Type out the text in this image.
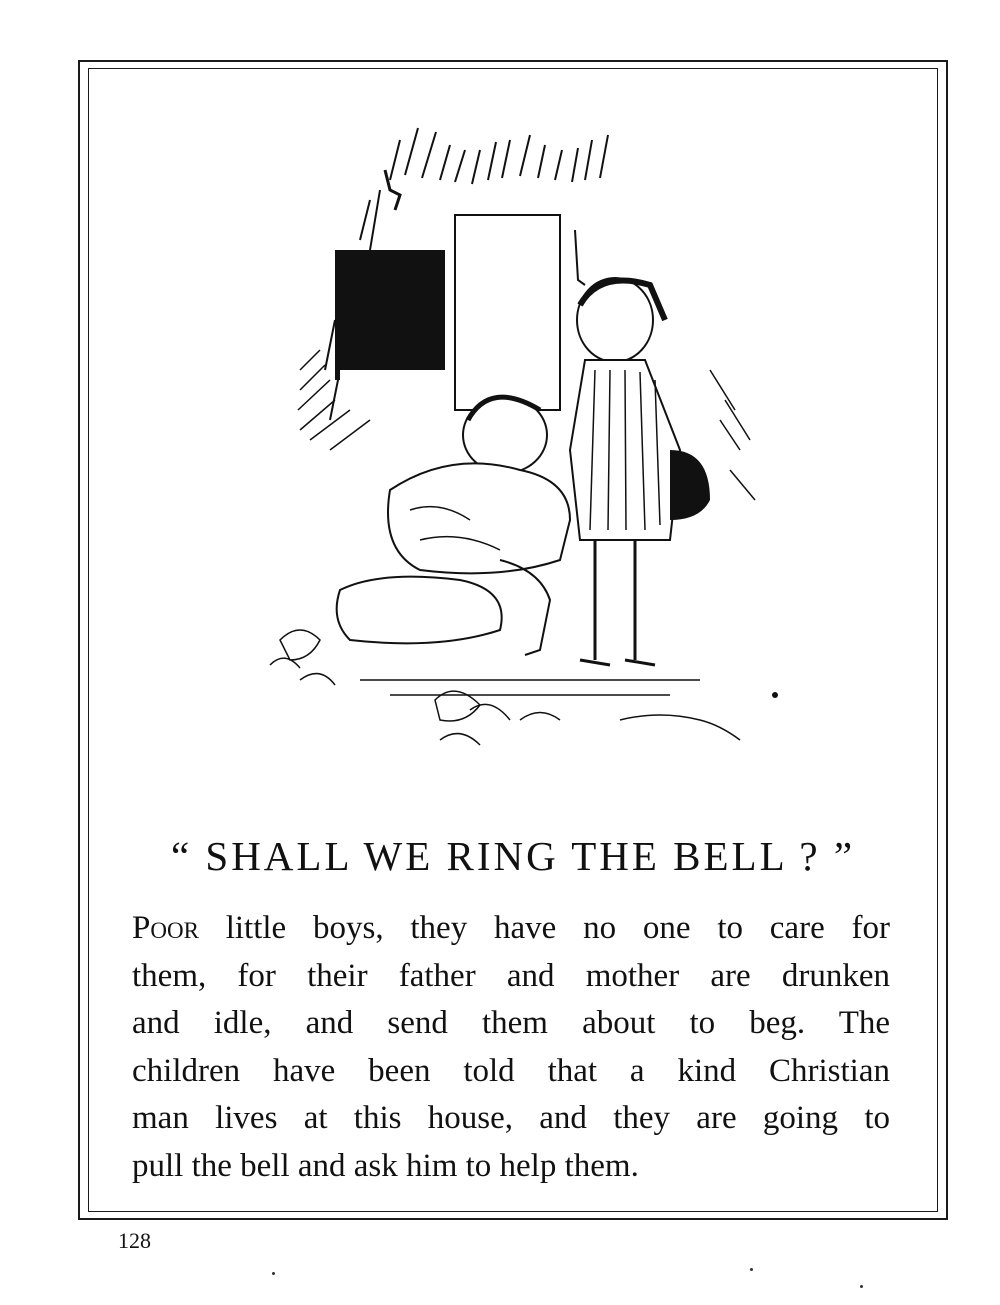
“ SHALL WE RING THE BELL ? ”
Poor little boys, they have no one to care for
them, for their father and mother are drunken
and idle, and send them about to beg. The
children have been told that a kind Christian
man lives at this house, and they are going to
pull the bell and ask him to help them.
128
